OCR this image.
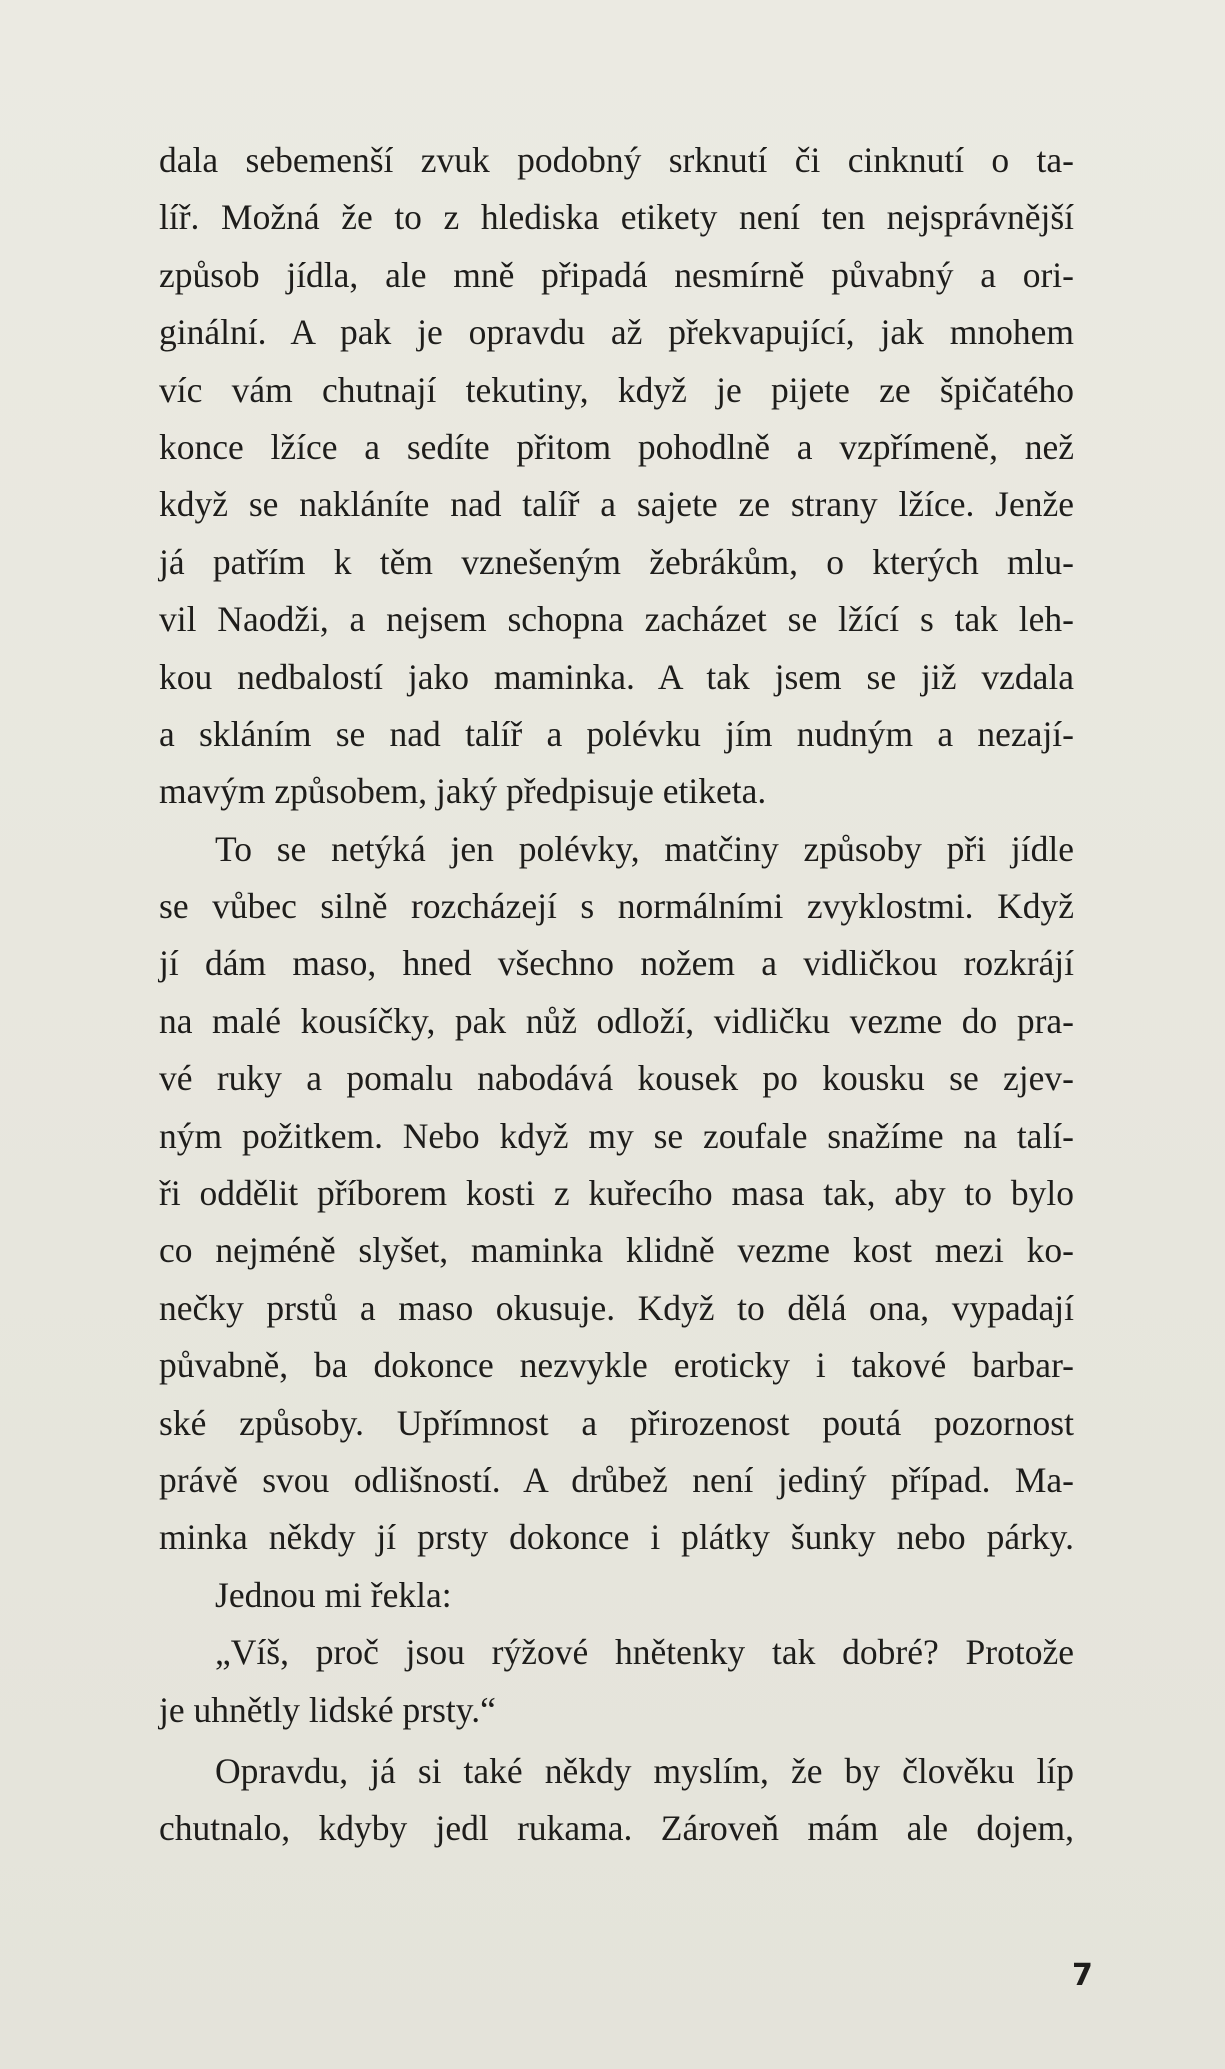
dala sebemenší zvuk podobný srknutí či cinknutí o ta-
líř. Možná že to z hlediska etikety není ten nejsprávnější
způsob jídla, ale mně připadá nesmírně půvabný a ori-
ginální. A pak je opravdu až překvapující, jak mnohem
víc vám chutnají tekutiny, když je pijete ze špičatého
konce lžíce a sedíte přitom pohodlně a vzpřímeně, než
když se nakláníte nad talíř a sajete ze strany lžíce. Jenže
já patřím k těm vznešeným žebrákům, o kterých mlu-
vil Naodži, a nejsem schopna zacházet se lžící s tak leh-
kou nedbalostí jako maminka. A tak jsem se již vzdala
a skláním se nad talíř a polévku jím nudným a nezají-
mavým způsobem, jaký předpisuje etiketa.
To se netýká jen polévky, matčiny způsoby při jídle
se vůbec silně rozcházejí s normálními zvyklostmi. Když
jí dám maso, hned všechno nožem a vidličkou rozkrájí
na malé kousíčky, pak nůž odloží, vidličku vezme do pra-
vé ruky a pomalu nabodává kousek po kousku se zjev-
ným požitkem. Nebo když my se zoufale snažíme na talí-
ři oddělit příborem kosti z kuřecího masa tak, aby to bylo
co nejméně slyšet, maminka klidně vezme kost mezi ko-
nečky prstů a maso okusuje. Když to dělá ona, vypadají
půvabně, ba dokonce nezvykle eroticky i takové barbar-
ské způsoby. Upřímnost a přirozenost poutá pozornost
právě svou odlišností. A drůbež není jediný případ. Ma-
minka někdy jí prsty dokonce i plátky šunky nebo párky.
Jednou mi řekla:
„Víš, proč jsou rýžové hnětenky tak dobré? Protože
je uhnětly lidské prsty.“
Opravdu, já si také někdy myslím, že by člověku líp
chutnalo, kdyby jedl rukama. Zároveň mám ale dojem,
7
